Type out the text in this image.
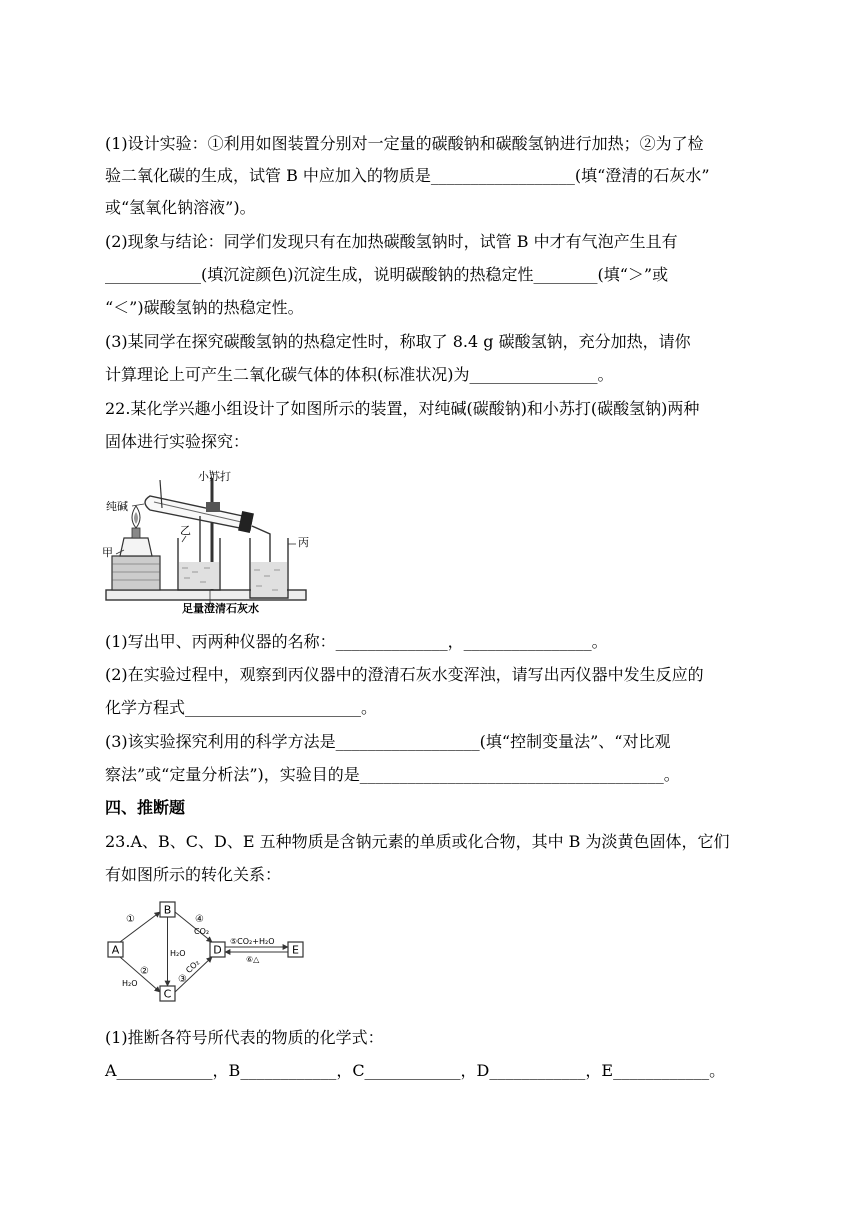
(1)设计实验：①利用如图装置分别对一定量的碳酸钠和碳酸氢钠进行加热；②为了检
验二氧化碳的生成，试管 B 中应加入的物质是__________________(填“澄清的石灰水”
或“氢氧化钠溶液”)。
(2)现象与结论：同学们发现只有在加热碳酸氢钠时，试管 B 中才有气泡产生且有
____________(填沉淀颜色)沉淀生成，说明碳酸钠的热稳定性________(填“＞”或
“＜”)碳酸氢钠的热稳定性。
(3)某同学在探究碳酸氢钠的热稳定性时，称取了 8.4 g 碳酸氢钠，充分加热，请你
计算理论上可产生二氧化碳气体的体积(标准状况)为________________。
22.某化学兴趣小组设计了如图所示的装置，对纯碱(碳酸钠)和小苏打(碳酸氢钠)两种
固体进行实验探究：
小苏打
纯碱
乙
甲
丙
足量澄清石灰水
(1)写出甲、丙两种仪器的名称：______________，________________。
(2)在实验过程中，观察到丙仪器中的澄清石灰水变浑浊，请写出丙仪器中发生反应的
化学方程式______________________。
(3)该实验探究利用的科学方法是__________________(填“控制变量法”、“对比观
察法”或“定量分析法”)，实验目的是______________________________________。
四、推断题
23.A、B、C、D、E 五种物质是含钠元素的单质或化合物，其中 B 为淡黄色固体，它们
有如图所示的转化关系：
A
B
C
D	E
①
②
H₂O
H₂O
③
CO₂
④
CO₂
⑤CO₂+H₂O
⑥△
(1)推断各符号所代表的物质的化学式：
A____________，B____________，C____________，D____________，E____________。
